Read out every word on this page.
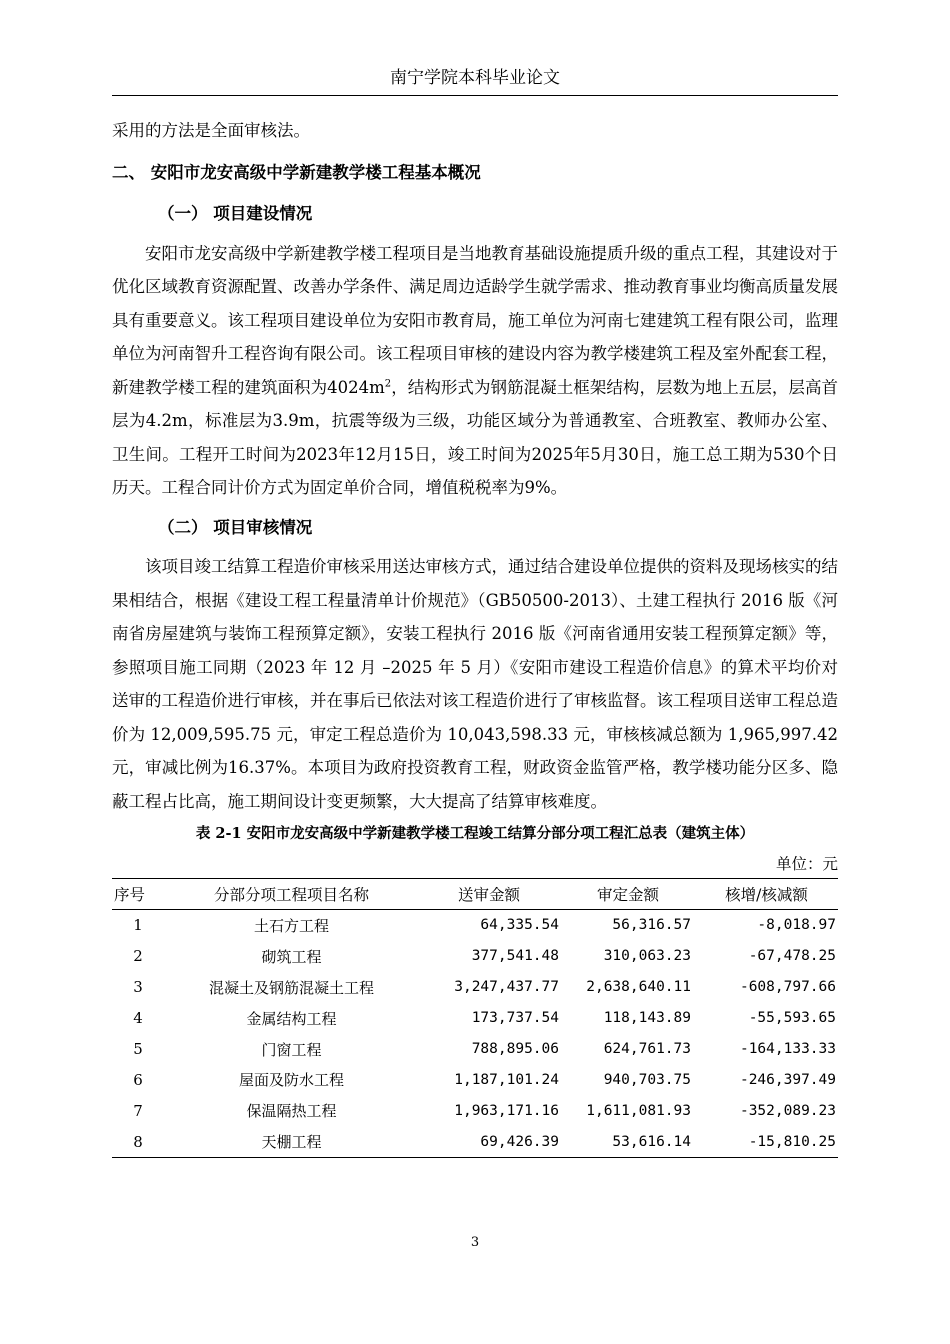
南宁学院本科毕业论文

采用的方法是全面审核法。

二、 安阳市龙安高级中学新建教学楼工程基本概况
（一） 项目建设情况

安阳市龙安高级中学新建教学楼工程项目是当地教育基础设施提质升级的重点工程，其建设对于优化区域教育资源配置、改善办学条件、满足周边适龄学生就学需求、推动教育事业均衡高质量发展具有重要意义。该工程项目建设单位为安阳市教育局，施工单位为河南七建建筑工程有限公司，监理单位为河南智升工程咨询有限公司。该工程项目审核的建设内容为教学楼建筑工程及室外配套工程，新建教学楼工程的建筑面积为$4024m^2$，结构形式为钢筋混凝土框架结构，层数为地上五层，层高首层为4.2m，标准层为3.9m，抗震等级为三级，功能区域分为普通教室、合班教室、教师办公室、卫生间。工程开工时间为2023年12月15日，竣工时间为2025年5月30日，施工总工期为530个日历天。工程合同计价方式为固定单价合同，增值税税率为9%。

（二） 项目审核情况

该项目竣工结算工程造价审核采用送达审核方式，通过结合建设单位提供的资料及现场核实的结果相结合，根据《建设工程工程量清单计价规范》（GB50500-2013）、土建工程执行 2016 版《河南省房屋建筑与装饰工程预算定额》，安装工程执行 2016 版《河南省通用安装工程预算定额》等，参照项目施工同期（2023 年 12 月 –2025 年 5 月）《安阳市建设工程造价信息》的算术平均价对送审的工程造价进行审核，并在事后已依法对该工程造价进行了审核监督。该工程项目送审工程总造价为 12,009,595.75 元，审定工程总造价为 10,043,598.33 元，审核核减总额为 1,965,997.42 元，审减比例为16.37%。本项目为政府投资教育工程，财政资金监管严格，教学楼功能分区多、隐蔽工程占比高，施工期间设计变更频繁，大大提高了结算审核难度。

表 2-1 安阳市龙安高级中学新建教学楼工程竣工结算分部分项工程汇总表（建筑主体）
单位：元
序号	分部分项工程项目名称	送审金额	审定金额	核增/核减额
1	土石方工程	64,335.54	56,316.57	-8,018.97
2	砌筑工程	377,541.48	310,063.23	-67,478.25
3	混凝土及钢筋混凝土工程	3,247,437.77	2,638,640.11	-608,797.66
4	金属结构工程	173,737.54	118,143.89	-55,593.65
5	门窗工程	788,895.06	624,761.73	-164,133.33
6	屋面及防水工程	1,187,101.24	940,703.75	-246,397.49
7	保温隔热工程	1,963,171.16	1,611,081.93	-352,089.23
8	天棚工程	69,426.39	53,616.14	-15,810.25
3
